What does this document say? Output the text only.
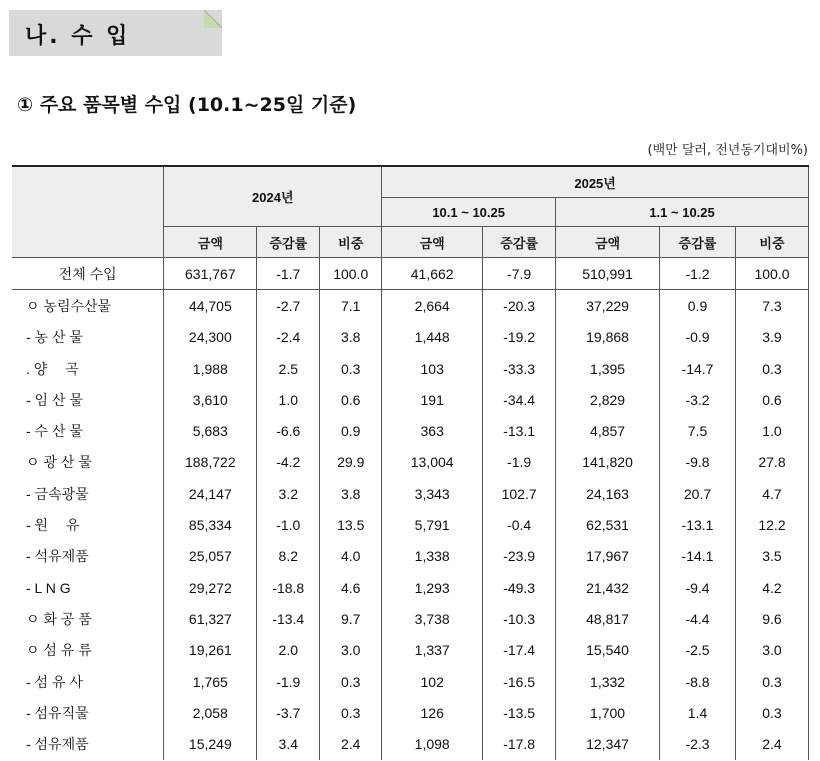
나. 수 입
① 주요 품목별 수입 (10.1~25일 기준)
(백만 달러, 전년동기대비%)
	2024년			2025년				
				10.1 ~ 10.25		1.1 ~ 10.25		
	금액	증감률	비중	금액	증감률	금액	증감률	비중
전체 수입	631,767	-1.7	100.0	41,662	-7.9	510,991	-1.2	100.0
ㅇ 농림수산물	44,705	-2.7	7.1	2,664	-20.3	37,229	0.9	7.3
- 농 산 물	24,300	-2.4	3.8	1,448	-19.2	19,868	-0.9	3.9
. 양　 곡	1,988	2.5	0.3	103	-33.3	1,395	-14.7	0.3
- 임 산 물	3,610	1.0	0.6	191	-34.4	2,829	-3.2	0.6
- 수 산 물	5,683	-6.6	0.9	363	-13.1	4,857	7.5	1.0
ㅇ 광 산 물	188,722	-4.2	29.9	13,004	-1.9	141,820	-9.8	27.8
- 금속광물	24,147	3.2	3.8	3,343	102.7	24,163	20.7	4.7
- 원　 유	85,334	-1.0	13.5	5,791	-0.4	62,531	-13.1	12.2
- 석유제품	25,057	8.2	4.0	1,338	-23.9	17,967	-14.1	3.5
- L N G	29,272	-18.8	4.6	1,293	-49.3	21,432	-9.4	4.2
ㅇ 화 공 품	61,327	-13.4	9.7	3,738	-10.3	48,817	-4.4	9.6
ㅇ 섬 유 류	19,261	2.0	3.0	1,337	-17.4	15,540	-2.5	3.0
- 섬 유 사	1,765	-1.9	0.3	102	-16.5	1,332	-8.8	0.3
- 섬유직물	2,058	-3.7	0.3	126	-13.5	1,700	1.4	0.3
- 섬유제품	15,249	3.4	2.4	1,098	-17.8	12,347	-2.3	2.4
